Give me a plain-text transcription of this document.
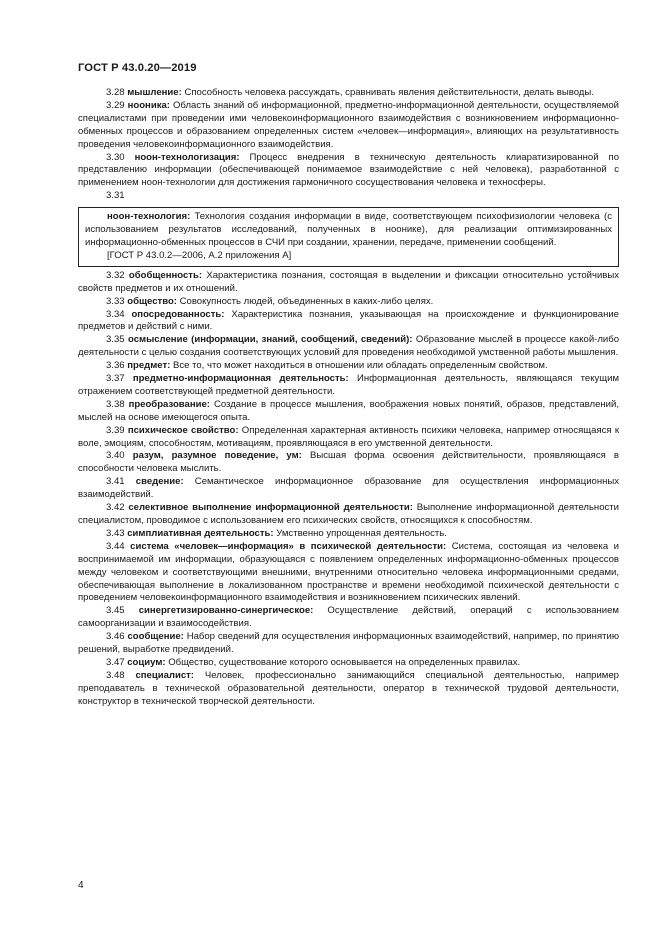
ГОСТ Р 43.0.20—2019

3.28 мышление: Способность человека рассуждать, сравнивать явления действительности, делать выводы.

3.29 нооника: Область знаний об информационной, предметно-информационной деятельности, осуществляемой специалистами при проведении ими человекоинформационного взаимодействия с возникновением информационно-обменных процессов и образованием определенных систем «человек—информация», влияющих на результативность проведения человекоинформационного взаимодействия.

3.30 ноон-технологизация: Процесс внедрения в техническую деятельность клиаратизированной по представлению информации (обеспечивающей понимаемое взаимодействие с ней человека), разработанной с применением ноон-технологии для достижения гармоничного сосуществования человека и техносферы.

3.31

ноон-технология: Технология создания информации в виде, соответствующем психофизиологии человека (с использованием результатов исследований, полученных в ноонике), для реализации оптимизированных информационно-обменных процессов в СЧИ при создании, хранении, передаче, применении сообщений.

[ГОСТ Р 43.0.2—2006, А.2 приложения А]

3.32 обобщенность: Характеристика познания, состоящая в выделении и фиксации относительно устойчивых свойств предметов и их отношений.

3.33 общество: Совокупность людей, объединенных в каких-либо целях.

3.34 опосредованность: Характеристика познания, указывающая на происхождение и функционирование предметов и действий с ними.

3.35 осмысление (информации, знаний, сообщений, сведений): Образование мыслей в процессе какой-либо деятельности с целью создания соответствующих условий для проведения необходимой умственной работы мышления.

3.36 предмет: Все то, что может находиться в отношении или обладать определенным свойством.

3.37 предметно-информационная деятельность: Информационная деятельность, являющаяся текущим отражением соответствующей предметной деятельности.

3.38 преобразование: Создание в процессе мышления, воображения новых понятий, образов, представлений, мыслей на основе имеющегося опыта.

3.39 психическое свойство: Определенная характерная активность психики человека, например относящаяся к воле, эмоциям, способностям, мотивациям, проявляющаяся в его умственной деятельности.

3.40 разум, разумное поведение, ум: Высшая форма освоения действительности, проявляющаяся в способности человека мыслить.

3.41 сведение: Семантическое информационное образование для осуществления информационных взаимодействий.

3.42 селективное выполнение информационной деятельности: Выполнение информационной деятельности специалистом, проводимое с использованием его психических свойств, относящихся к способностям.

3.43 симплиативная деятельность: Умственно упрощенная деятельность.

3.44 система «человек—информация» в психической деятельности: Система, состоящая из человека и воспринимаемой им информации, образующаяся с появлением определенных информационно-обменных процессов между человеком и соответствующими внешними, внутренними относительно человека информационными средами, обеспечивающая выполнение в локализованном пространстве и времени необходимой психической деятельности с проведением человекоинформационного взаимодействия и возникновением психических явлений.

3.45 синергетизированно-синергическое: Осуществление действий, операций с использованием самоорганизации и взаимосодействия.

3.46 сообщение: Набор сведений для осуществления информационных взаимодействий, например, по принятию решений, выработке предвидений.

3.47 социум: Общество, существование которого основывается на определенных правилах.

3.48 специалист: Человек, профессионально занимающийся специальной деятельностью, например преподаватель в технической образовательной деятельности, оператор в технической трудовой деятельности, конструктор в технической творческой деятельности.

4
